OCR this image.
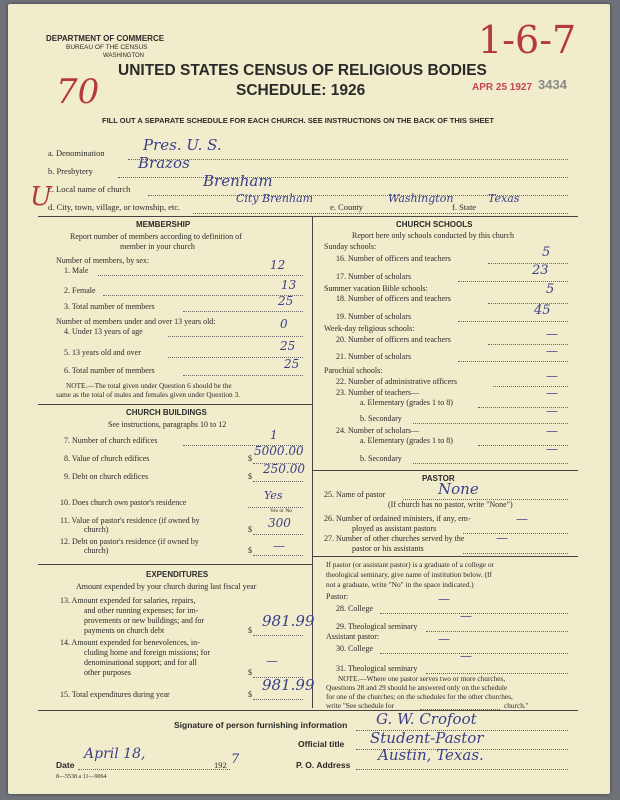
DEPARTMENT OF COMMERCE
BUREAU OF THE CENSUS
WASHINGTON
70
1-6-7
APR 25 1927 3434
U
UNITED STATES CENSUS OF RELIGIOUS BODIES
SCHEDULE: 1926
FILL OUT A SEPARATE SCHEDULE FOR EACH CHURCH. SEE INSTRUCTIONS ON THE BACK OF THIS SHEET
a. Denomination	Pres. U. S.
b. Presbytery	Brazos
c. Local name of church	Brenham
d. City, town, village, or township, etc.
City Brenham
e. County
Washington
f. State
Texas
MEMBERSHIP
Report number of members according to definition of
member in your church
Number of members, by sex:
1. Male	12
2. Female	13
3. Total number of members	25
Number of members under and over 13 years old:
4. Under 13 years of age
0
5. 13 years old and over	25
6. Total number of members	25
NOTE.—The total given under Question 6 should be the
same as the total of males and females given under Question 3.
CHURCH BUILDINGS
See instructions, paragraphs 10 to 12
7. Number of church edifices	1
8. Value of church edifices	$
5000.00
9. Debt on church edifices	$
250.00
10. Does church own pastor's residence
Yes
Yes or No
11. Value of pastor's residence (if owned by
church)	$ 300
12. Debt on pastor's residence (if owned by
church)	$ —
EXPENDITURES
Amount expended by your church during last fiscal year
13. Amount expended for salaries, repairs,
and other running expenses; for im-
provements or new buildings; and for
payments on church debt	$
981.99
14. Amount expended for benevolences, in-
cluding home and foreign missions; for
denominational support; and for all
other purposes	$
—
15. Total expenditures during year	$
981.99
CHURCH SCHOOLS
Report here only schools conducted by this church
Sunday schools:
16. Number of officers and teachers	5
17. Number of scholars	23
Summer vacation Bible schools:
18. Number of officers and teachers
5
19. Number of scholars	45
Week-day religious schools:
20. Number of officers and teachers	—
21. Number of scholars	—
Parochial schools:
22. Number of administrative officers	—
23. Number of teachers—
a. Elementary (grades 1 to 8)
—
b. Secondary
—
24. Number of scholars—
a. Elementary (grades 1 to 8)
—
b. Secondary
—
PASTOR
25. Name of pastor	None
(If church has no pastor, write "None")
26. Number of ordained ministers, if any, em-
ployed as assistant pastors
—
27. Number of other churches served by the
pastor or his assistants
—
If pastor (or assistant pastor) is a graduate of a college or
theological seminary, give name of institution below. (If
not a graduate, write "No" in the space indicated.)
Pastor:
28. College
—
29. Theological seminary
—
Assistant pastor:
30. College
—
31. Theological seminary
—
NOTE.—Where one pastor serves two or more churches,
Questions 28 and 29 should be answered only on the schedule
for one of the churches; on the schedules for the other churches,
write "See schedule for	church."
Signature of person furnishing information G. W. Crofoot
Official title Student-Pastor
Date
April 18,
192 7	P. O. Address
Austin, Texas.
8—5538 a 11—9064
